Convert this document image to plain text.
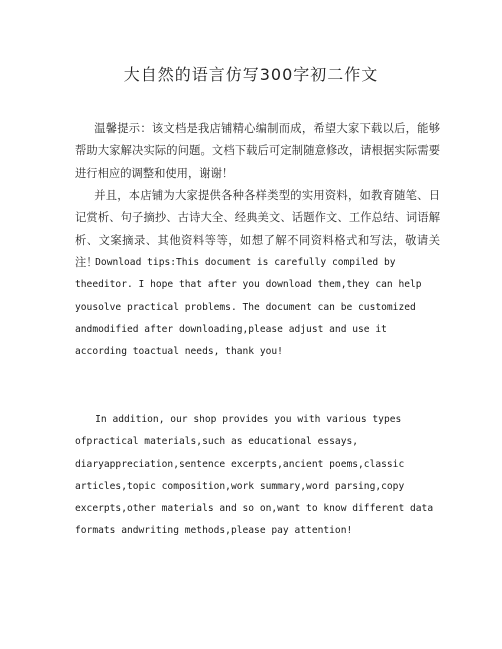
大自然的语言仿写300字初二作文

温馨提示：该文档是我店铺精心编制而成，希望大家下载以后，能够帮助大家解决实际的问题。文档下载后可定制随意修改，请根据实际需要进行相应的调整和使用，谢谢！

并且，本店铺为大家提供各种各样类型的实用资料，如教育随笔、日记赏析、句子摘抄、古诗大全、经典美文、话题作文、工作总结、词语解析、文案摘录、其他资料等等，如想了解不同资料格式和写法，敬请关注！

Download tips:This document is carefully compiled by theeditor. I hope that after you download them,they can help yousolve practical problems. The document can be customized andmodified after downloading,please adjust and use it according toactual needs, thank you!

In addition, our shop provides you with various types ofpractical materials,such as educational essays, diaryappreciation,sentence excerpts,ancient poems,classic articles,topic composition,work summary,word parsing,copy excerpts,other materials and so on,want to know different data formats andwriting methods,please pay attention!
